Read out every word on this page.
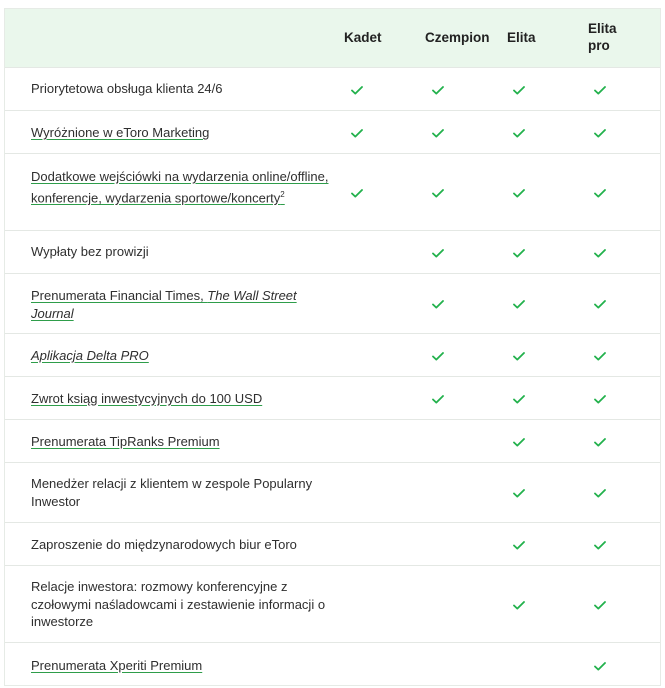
Kadet	Czempion Elita
Elita pro
Priorytetowa obsługa klienta 24/6
Wyróżnione w eToro Marketing
Dodatkowe wejściówki na wydarzenia online/offline, konferencje, wydarzenia sportowe/koncerty$^2$
Wypłaty bez prowizji
Prenumerata Financial Times, The Wall Street Journal
Aplikacja Delta PRO
Zwrot ksiąg inwestycyjnych do 100 USD
Prenumerata TipRanks Premium
Menedżer relacji z klientem w zespole Popularny Inwestor
Zaproszenie do międzynarodowych biur eToro
Relacje inwestora: rozmowy konferencyjne z czołowymi naśladowcami i zestawienie informacji o inwestorze
Prenumerata Xperiti Premium
